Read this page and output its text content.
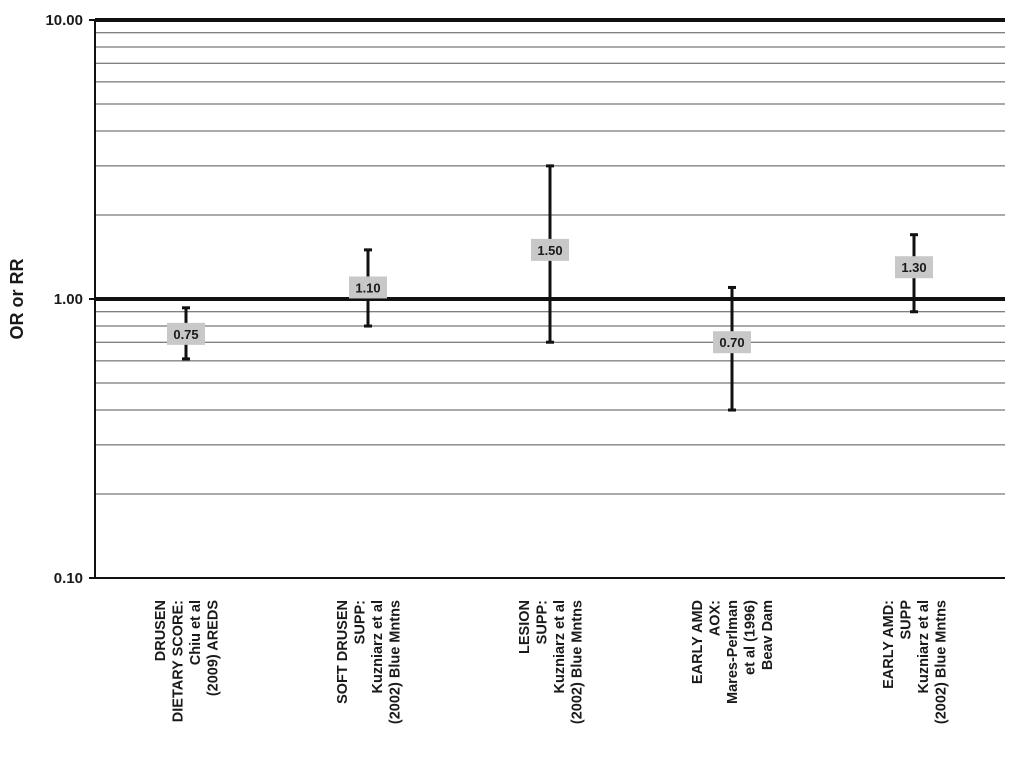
0.10
1.00
10.00
OR or RR	0.75
1.10
1.50
0.70
1.30
DRUSEN DIETARY SCORE: Chiu et al (2009) AREDS	SOFT DRUSEN SUPP: Kuzniarz et al (2002) Blue Mntns	LESION SUPP: Kuzniarz et al (2002) Blue Mntns	EARLY AMD AOX: Mares-Perlman et al (1996) Beav Dam	EARLY AMD: SUPP Kuzniarz et al (2002) Blue Mntns
